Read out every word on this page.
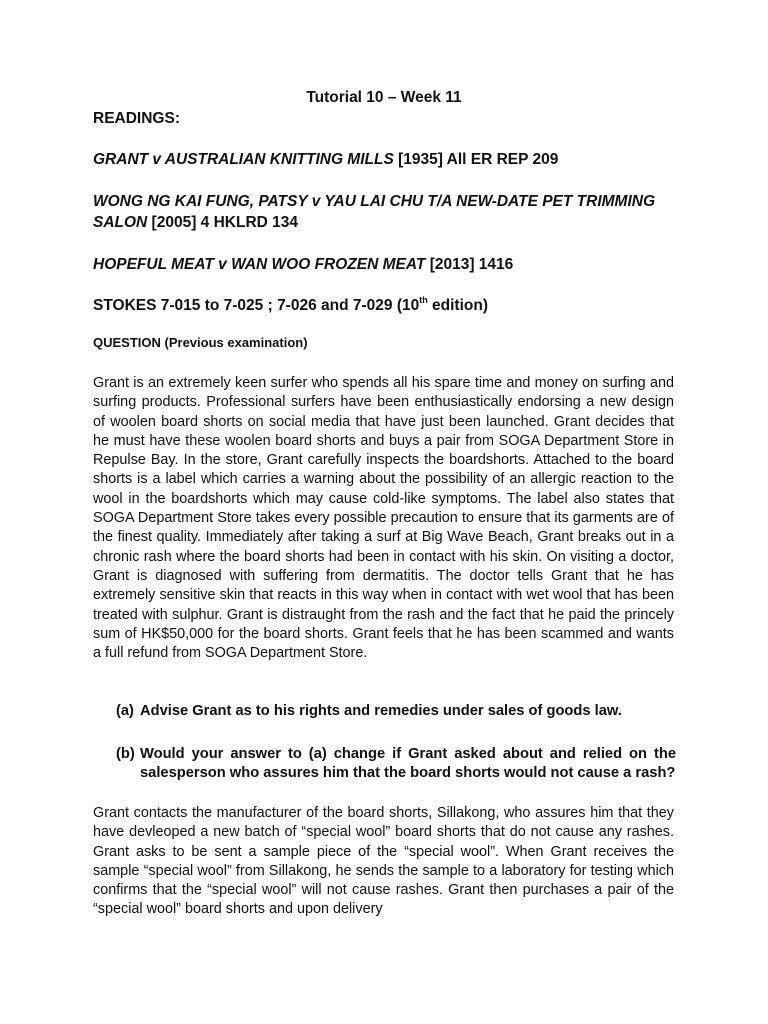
Tutorial 10 – Week 11
READINGS:
GRANT v AUSTRALIAN KNITTING MILLS [1935] All ER REP 209
WONG NG KAI FUNG, PATSY v YAU LAI CHU T/A NEW-DATE PET TRIMMING
SALON [2005] 4 HKLRD 134
HOPEFUL MEAT v WAN WOO FROZEN MEAT [2013] 1416
STOKES 7-015 to 7-025 ; 7-026 and 7-029 (10th edition)
QUESTION (Previous examination)

Grant is an extremely keen surfer who spends all his spare time and money on surfing and surfing products. Professional surfers have been enthusiastically endorsing a new design of woolen board shorts on social media that have just been launched. Grant decides that he must have these woolen board shorts and buys a pair from SOGA Department Store in Repulse Bay. In the store, Grant carefully inspects the boardshorts. Attached to the board shorts is a label which carries a warning about the possibility of an allergic reaction to the wool in the boardshorts which may cause cold-like symptoms. The label also states that SOGA Department Store takes every possible precaution to ensure that its garments are of the finest quality. Immediately after taking a surf at Big Wave Beach, Grant breaks out in a chronic rash where the board shorts had been in contact with his skin. On visiting a doctor, Grant is diagnosed with suffering from dermatitis. The doctor tells Grant that he has extremely sensitive skin that reacts in this way when in contact with wet wool that has been treated with sulphur. Grant is distraught from the rash and the fact that he paid the princely sum of HK$50,000 for the board shorts. Grant feels that he has been scammed and wants a full refund from SOGA Department Store.

(a) Advise Grant as to his rights and remedies under sales of goods law.
(b) Would your answer to (a) change if Grant asked about and relied on the salesperson who assures him that the board shorts would not cause a rash?

Grant contacts the manufacturer of the board shorts, Sillakong, who assures him that they have devleoped a new batch of “special wool” board shorts that do not cause any rashes. Grant asks to be sent a sample piece of the “special wool”. When Grant receives the sample “special wool” from Sillakong, he sends the sample to a laboratory for testing which confirms that the “special wool” will not cause rashes. Grant then purchases a pair of the “special wool” board shorts and upon delivery
